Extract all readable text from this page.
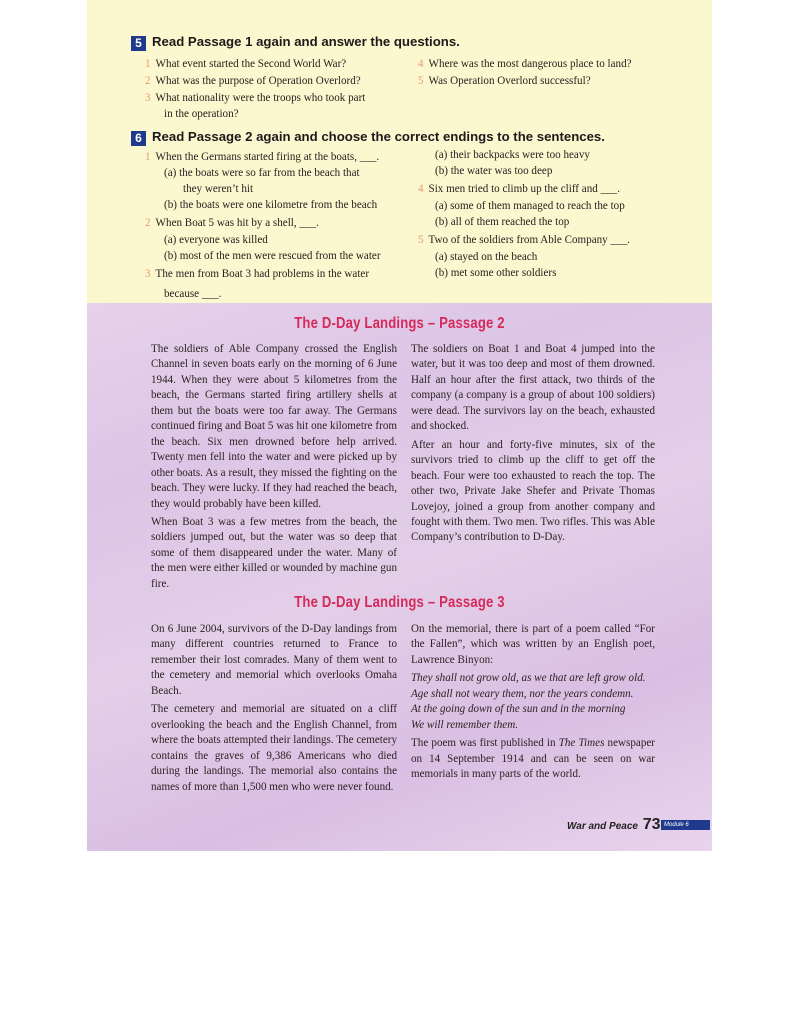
5 Read Passage 1 again and answer the questions.
1 What event started the Second World War?
2 What was the purpose of Operation Overlord?
3 What nationality were the troops who took part
in the operation?
4 Where was the most dangerous place to land?
5 Was Operation Overlord successful?
6 Read Passage 2 again and choose the correct endings to the sentences.
1 When the Germans started firing at the boats, ___.
(a) the boats were so far from the beach that
they weren’t hit
(b) the boats were one kilometre from the beach
2 When Boat 5 was hit by a shell, ___.
(a) everyone was killed
(b) most of the men were rescued from the water
3 The men from Boat 3 had problems in the water
because ___.
(a) their backpacks were too heavy
(b) the water was too deep
4 Six men tried to climb up the cliff and ___.
(a) some of them managed to reach the top
(b) all of them reached the top
5 Two of the soldiers from Able Company ___.
(a) stayed on the beach
(b) met some other soldiers
The D-Day Landings – Passage 2

The soldiers of Able Company crossed the English Channel in seven boats early on the morning of 6 June 1944. When they were about 5 kilometres from the beach, the Germans started firing artillery shells at them but the boats were too far away. The Germans continued firing and Boat 5 was hit one kilometre from the beach. Six men drowned before help arrived. Twenty men fell into the water and were picked up by other boats. As a result, they missed the fighting on the beach. They were lucky. If they had reached the beach, they would probably have been killed.

When Boat 3 was a few metres from the beach, the soldiers jumped out, but the water was so deep that some of them disappeared under the water. Many of the men were either killed or wounded by machine gun fire.

The soldiers on Boat 1 and Boat 4 jumped into the water, but it was too deep and most of them drowned. Half an hour after the first attack, two thirds of the company (a company is a group of about 100 soldiers) were dead. The survivors lay on the beach, exhausted and shocked.

After an hour and forty-five minutes, six of the survivors tried to climb up the cliff to get off the beach. Four were too exhausted to reach the top. The other two, Private Jake Shefer and Private Thomas Lovejoy, joined a group from another company and fought with them. Two men. Two rifles. This was Able Company’s contribution to D-Day.

The D-Day Landings – Passage 3

On 6 June 2004, survivors of the D-Day landings from many different countries returned to France to remember their lost comrades. Many of them went to the cemetery and memorial which overlooks Omaha Beach.

The cemetery and memorial are situated on a cliff overlooking the beach and the English Channel, from where the boats attempted their landings. The cemetery contains the graves of 9,386 Americans who died during the landings. The memorial also contains the names of more than 1,500 men who were never found.

On the memorial, there is part of a poem called “For the Fallen”, which was written by an English poet, Lawrence Binyon:

They shall not grow old, as we that are left grow old.
Age shall not weary them, nor the years condemn.
At the going down of the sun and in the morning
We will remember them.

The poem was first published in The Times newspaper on 14 September 1914 and can be seen on war memorials in many parts of the world.

War and Peace 73 Module 6
